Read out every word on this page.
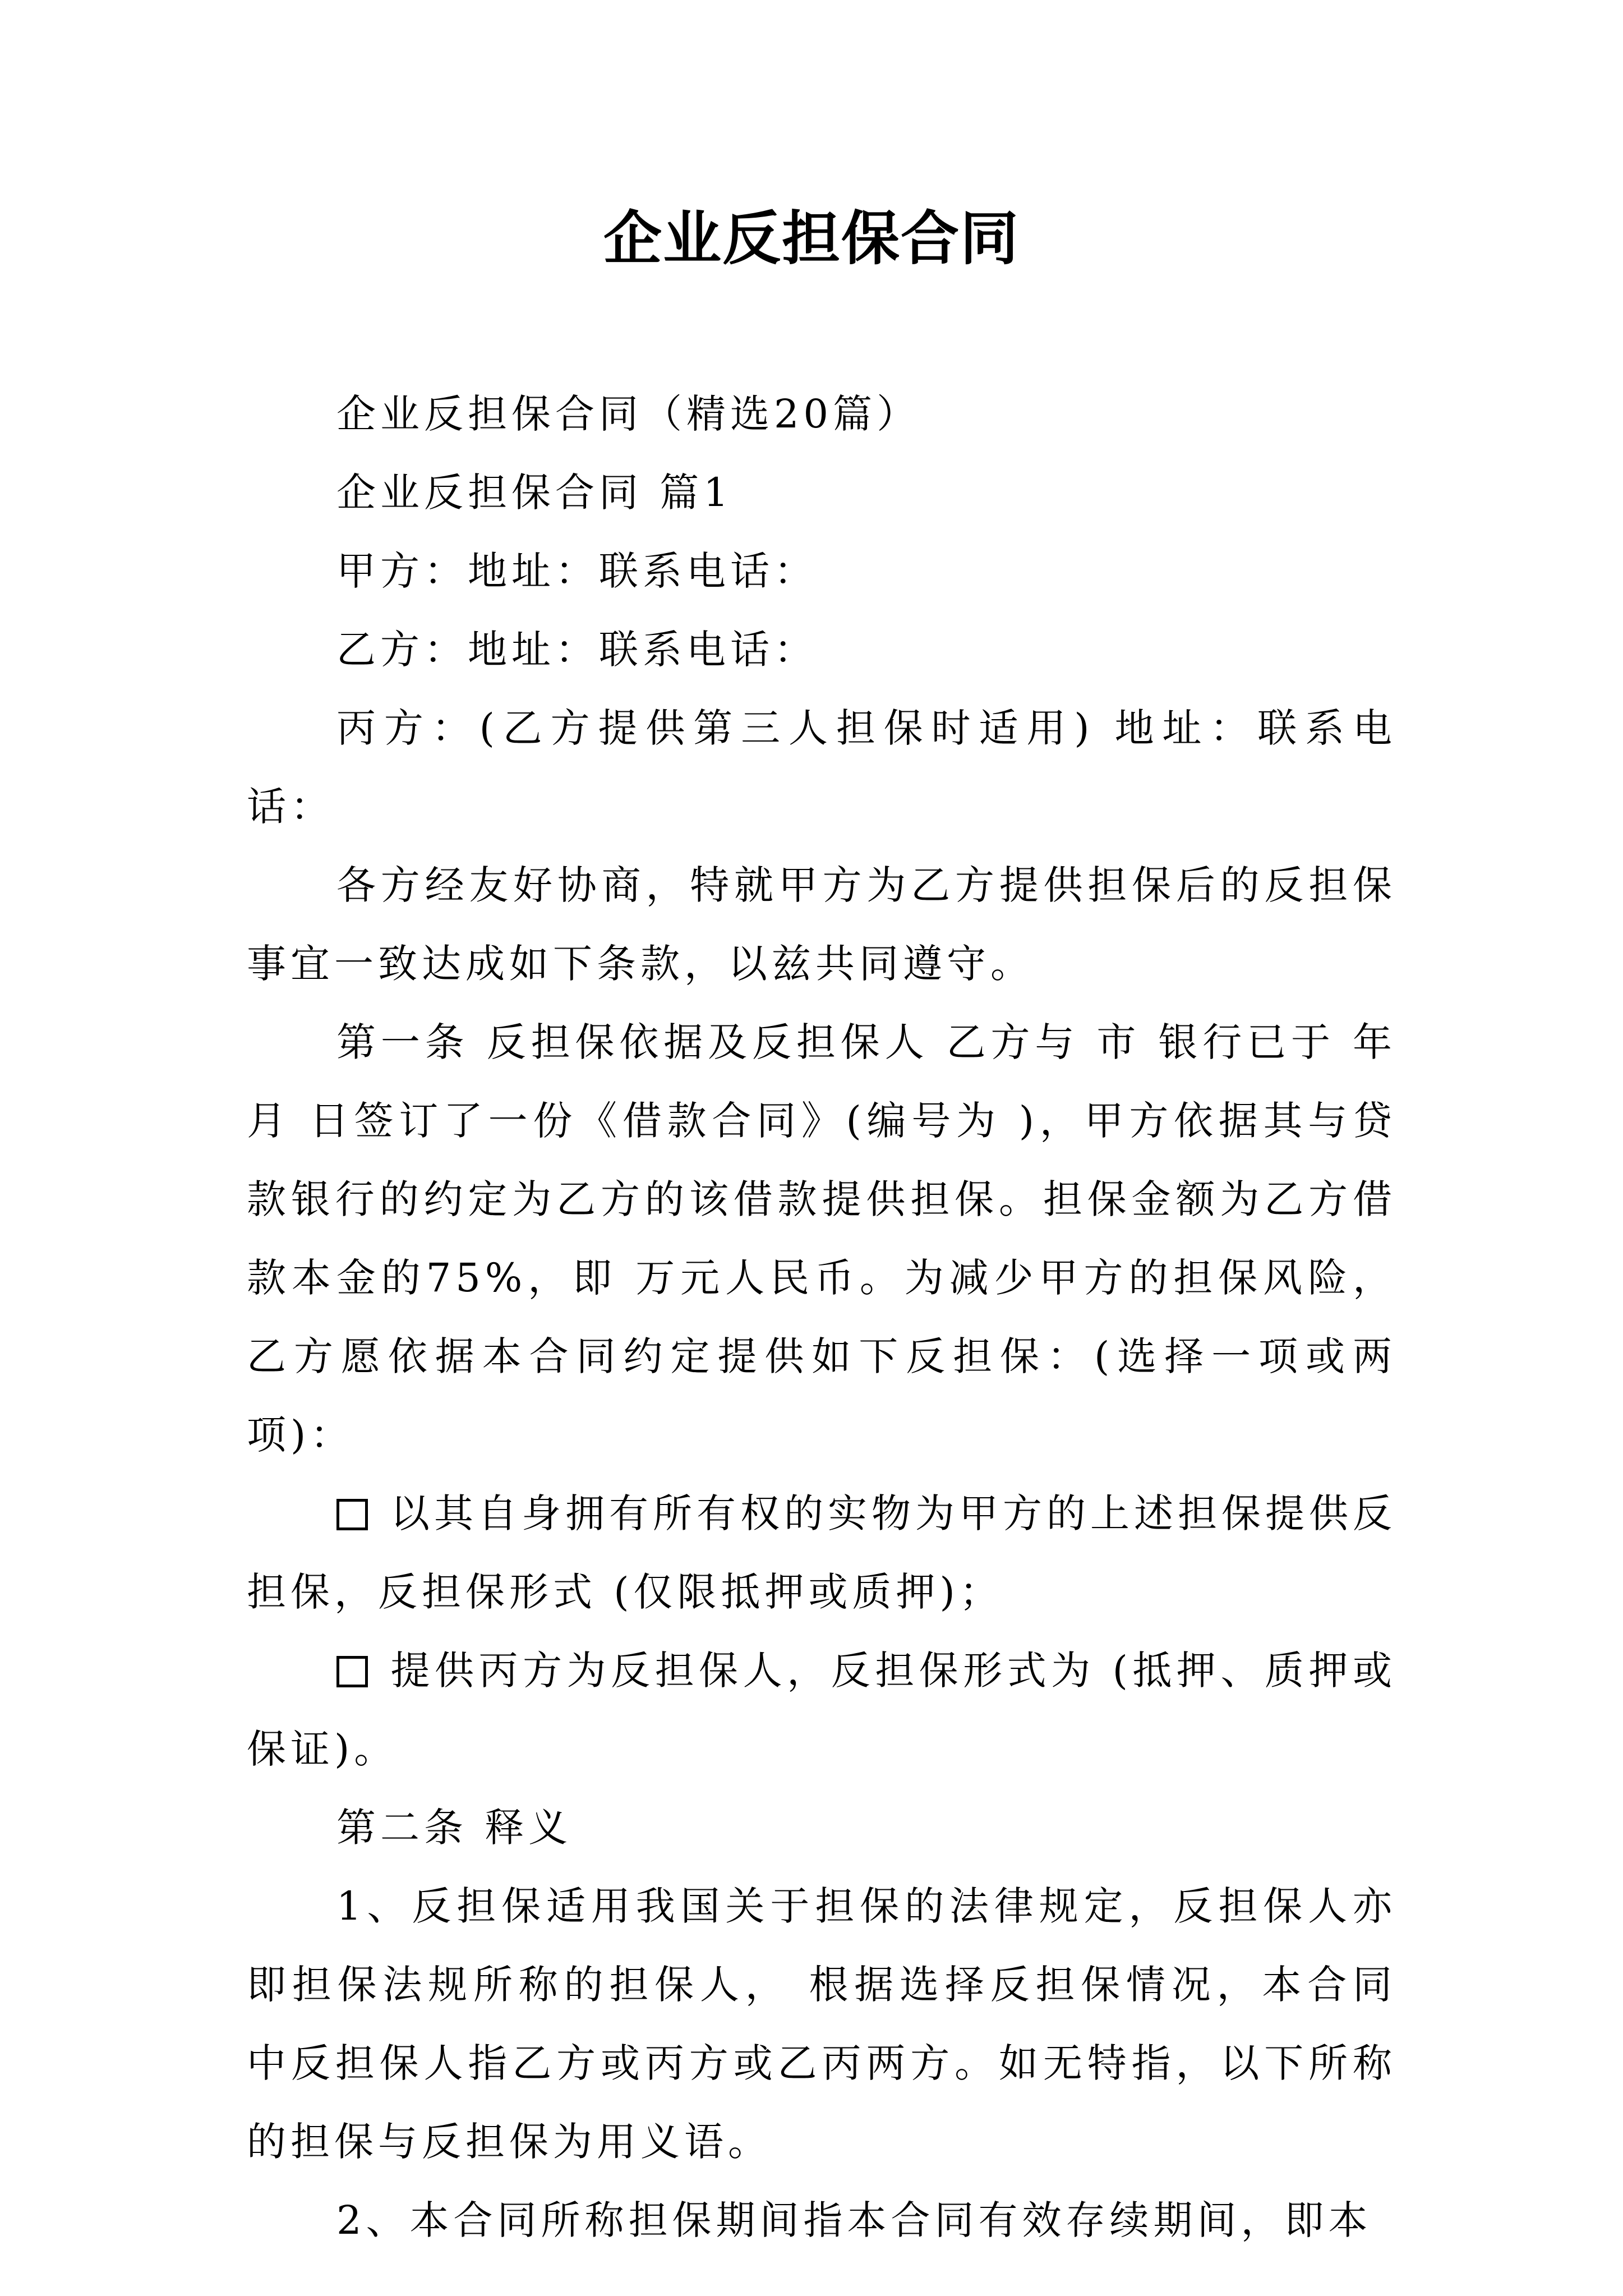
企业反担保合同

企业反担保合同（精选20篇）

企业反担保合同 篇1

甲方：地址：联系电话：

乙方：地址：联系电话：

丙方：(乙方提供第三人担保时适用) 地址：联系电话：

各方经友好协商，特就甲方为乙方提供担保后的反担保事宜一致达成如下条款，以兹共同遵守。

第一条 反担保依据及反担保人 乙方与 市 银行已于 年 月 日签订了一份《借款合同》(编号为 )，甲方依据其与贷款银行的约定为乙方的该借款提供担保。担保金额为乙方借款本金的75%，即 万元人民币。为减少甲方的担保风险，乙方愿依据本合同约定提供如下反担保：(选择一项或两项)：

以其自身拥有所有权的实物为甲方的上述担保提供反担保，反担保形式 (仅限抵押或质押)；

提供丙方为反担保人，反担保形式为 (抵押、质押或保证)。

第二条 释义

1、反担保适用我国关于担保的法律规定，反担保人亦即担保法规所称的担保人， 根据选择反担保情况，本合同中反担保人指乙方或丙方或乙丙两方。如无特指，以下所称的担保与反担保为用义语。

2、本合同所称担保期间指本合同有效存续期间，即本
